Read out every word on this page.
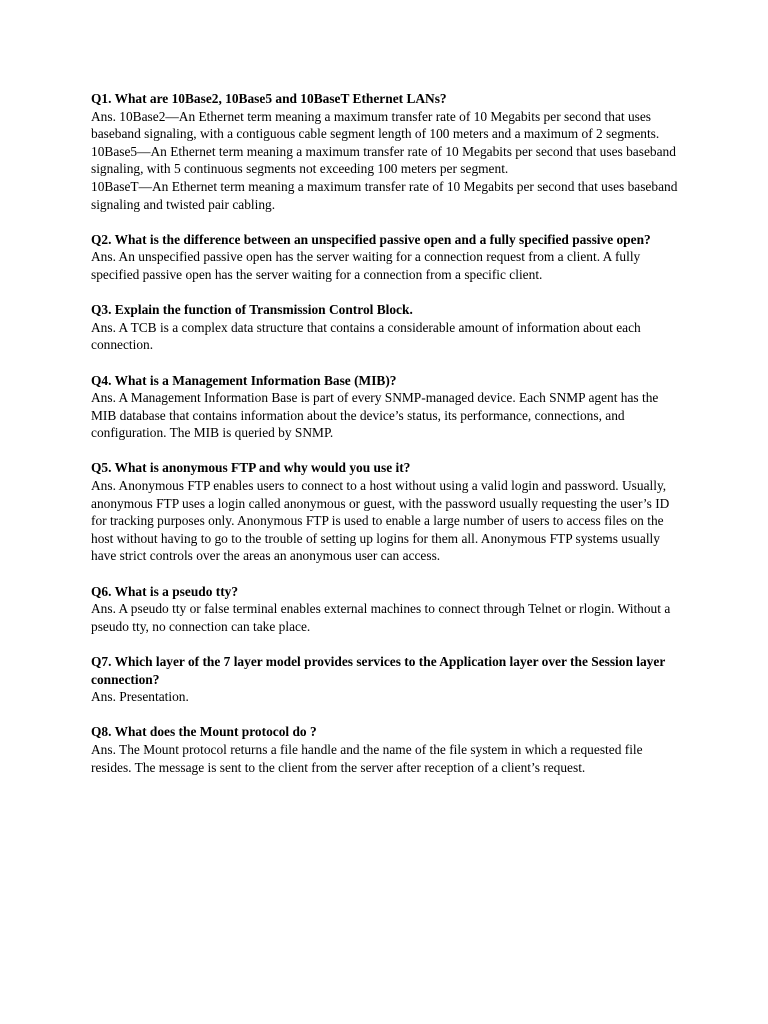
Q1. What are 10Base2, 10Base5 and 10BaseT Ethernet LANs?

Ans. 10Base2—An Ethernet term meaning a maximum transfer rate of 10 Megabits per second that uses baseband signaling, with a contiguous cable segment length of 100 meters and a maximum of 2 segments.

10Base5—An Ethernet term meaning a maximum transfer rate of 10 Megabits per second that uses baseband signaling, with 5 continuous segments not exceeding 100 meters per segment.

10BaseT—An Ethernet term meaning a maximum transfer rate of 10 Megabits per second that uses baseband signaling and twisted pair cabling.

Q2. What is the difference between an unspecified passive open and a fully specified passive open?

Ans. An unspecified passive open has the server waiting for a connection request from a client. A fully specified passive open has the server waiting for a connection from a specific client.

Q3. Explain the function of Transmission Control Block.

Ans. A TCB is a complex data structure that contains a considerable amount of information about each connection.

Q4. What is a Management Information Base (MIB)?

Ans. A Management Information Base is part of every SNMP-managed device. Each SNMP agent has the MIB database that contains information about the device’s status, its performance, connections, and configuration. The MIB is queried by SNMP.

Q5. What is anonymous FTP and why would you use it?

Ans. Anonymous FTP enables users to connect to a host without using a valid login and password. Usually, anonymous FTP uses a login called anonymous or guest, with the password usually requesting the user’s ID for tracking purposes only. Anonymous FTP is used to enable a large number of users to access files on the host without having to go to the trouble of setting up logins for them all. Anonymous FTP systems usually have strict controls over the areas an anonymous user can access.

Q6. What is a pseudo tty?

Ans. A pseudo tty or false terminal enables external machines to connect through Telnet or rlogin. Without a pseudo tty, no connection can take place.

Q7. Which layer of the 7 layer model provides services to the Application layer over the Session layer connection?

Ans. Presentation.

Q8. What does the Mount protocol do ?

Ans. The Mount protocol returns a file handle and the name of the file system in which a requested file resides. The message is sent to the client from the server after reception of a client’s request.
